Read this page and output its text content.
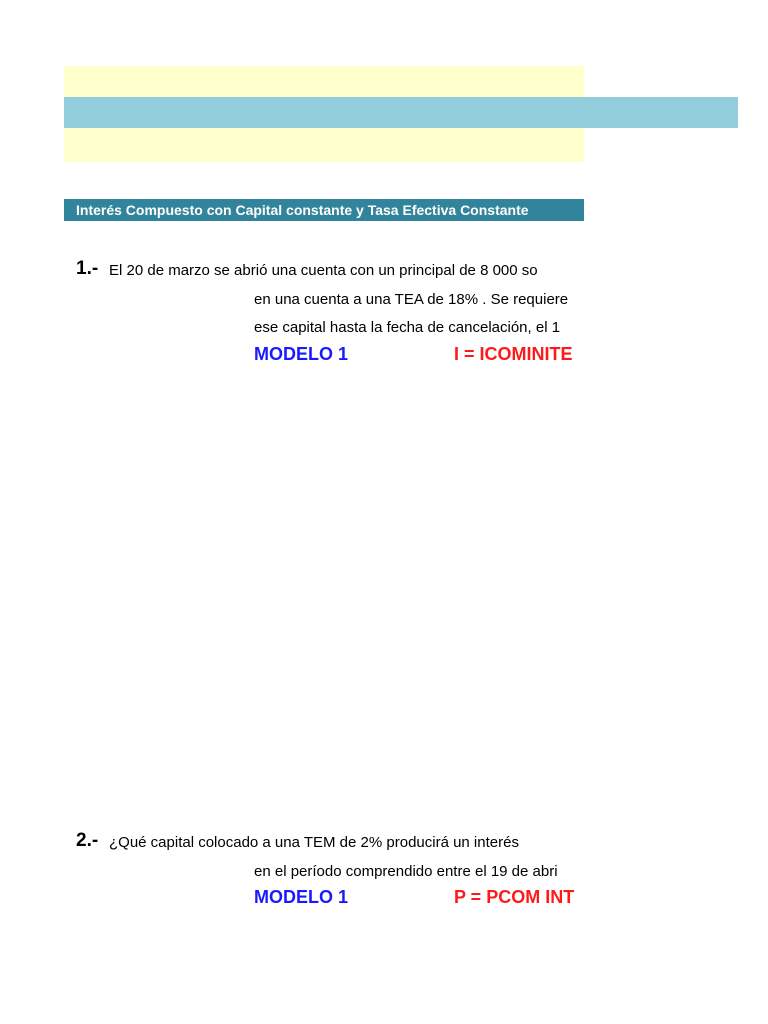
Interés Compuesto con Capital constante y Tasa Efectiva Constante
1.- El 20 de marzo se abrió una cuenta con un principal de 8 000 so
en una cuenta a una TEA de 18% . Se requiere
ese capital hasta la fecha de cancelación, el 1
MODELO 1	I = ICOMINITE
2.- ¿Qué capital colocado a una TEM de 2% producirá un interés
en el período comprendido entre el 19 de abri
MODELO 1	P = PCOM INT
